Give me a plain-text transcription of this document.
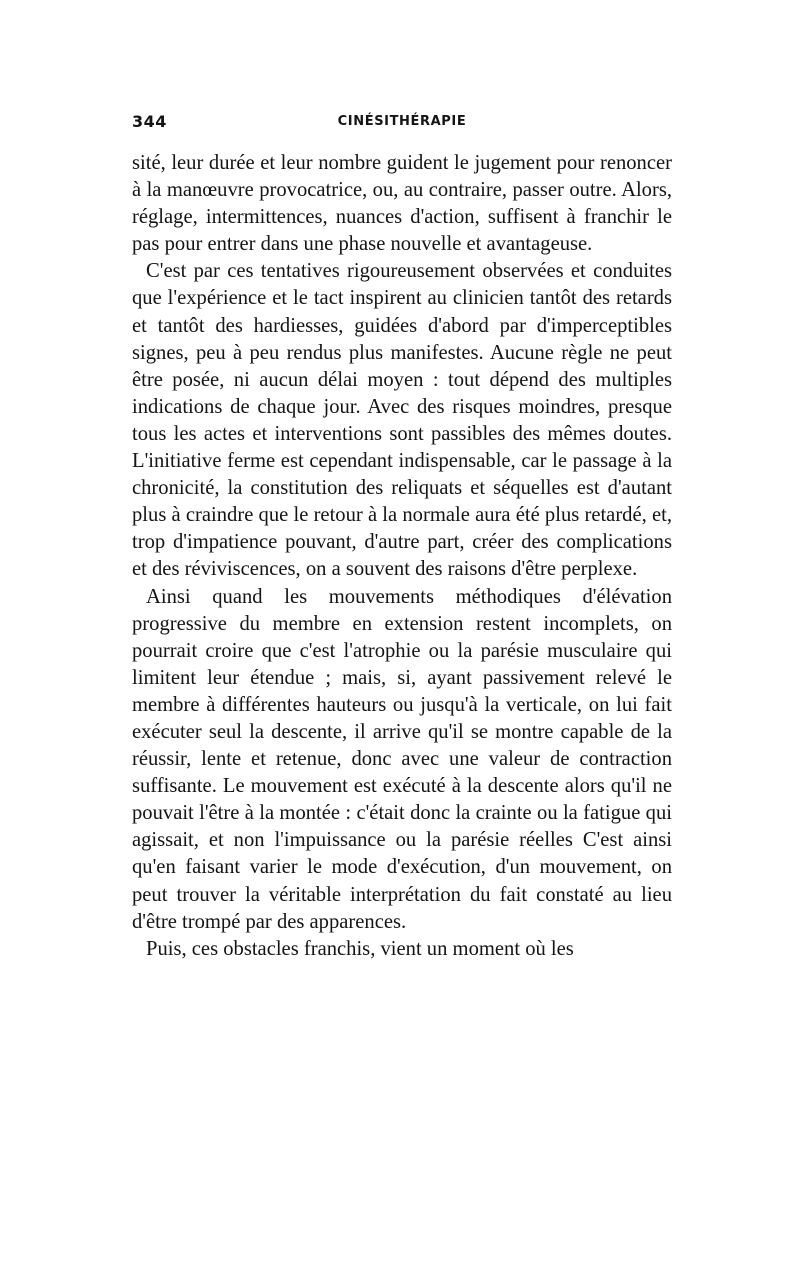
344	CINÉSITHÉRAPIE

sité, leur durée et leur nombre guident le jugement pour renoncer à la manœuvre provocatrice, ou, au contraire, passer outre. Alors, réglage, intermittences, nuances d'action, suffisent à franchir le pas pour entrer dans une phase nouvelle et avantageuse.

C'est par ces tentatives rigoureusement observées et conduites que l'expérience et le tact inspirent au clinicien tantôt des retards et tantôt des hardiesses, guidées d'abord par d'imperceptibles signes, peu à peu rendus plus manifestes. Aucune règle ne peut être posée, ni aucun délai moyen : tout dépend des multiples indications de chaque jour. Avec des risques moindres, presque tous les actes et interventions sont passibles des mêmes doutes. L'initiative ferme est cependant indispensable, car le passage à la chronicité, la constitution des reliquats et séquelles est d'autant plus à craindre que le retour à la normale aura été plus retardé, et, trop d'impatience pouvant, d'autre part, créer des complications et des réviviscences, on a souvent des raisons d'être perplexe.

Ainsi quand les mouvements méthodiques d'élévation progressive du membre en extension restent incomplets, on pourrait croire que c'est l'atrophie ou la parésie musculaire qui limitent leur étendue ; mais, si, ayant passivement relevé le membre à différentes hauteurs ou jusqu'à la verticale, on lui fait exécuter seul la descente, il arrive qu'il se montre capable de la réussir, lente et retenue, donc avec une valeur de contraction suffisante. Le mouvement est exécuté à la descente alors qu'il ne pouvait l'être à la montée : c'était donc la crainte ou la fatigue qui agissait, et non l'impuissance ou la parésie réelles C'est ainsi qu'en faisant varier le mode d'exécution, d'un mouvement, on peut trouver la véritable interprétation du fait constaté au lieu d'être trompé par des apparences.

Puis, ces obstacles franchis, vient un moment où les
